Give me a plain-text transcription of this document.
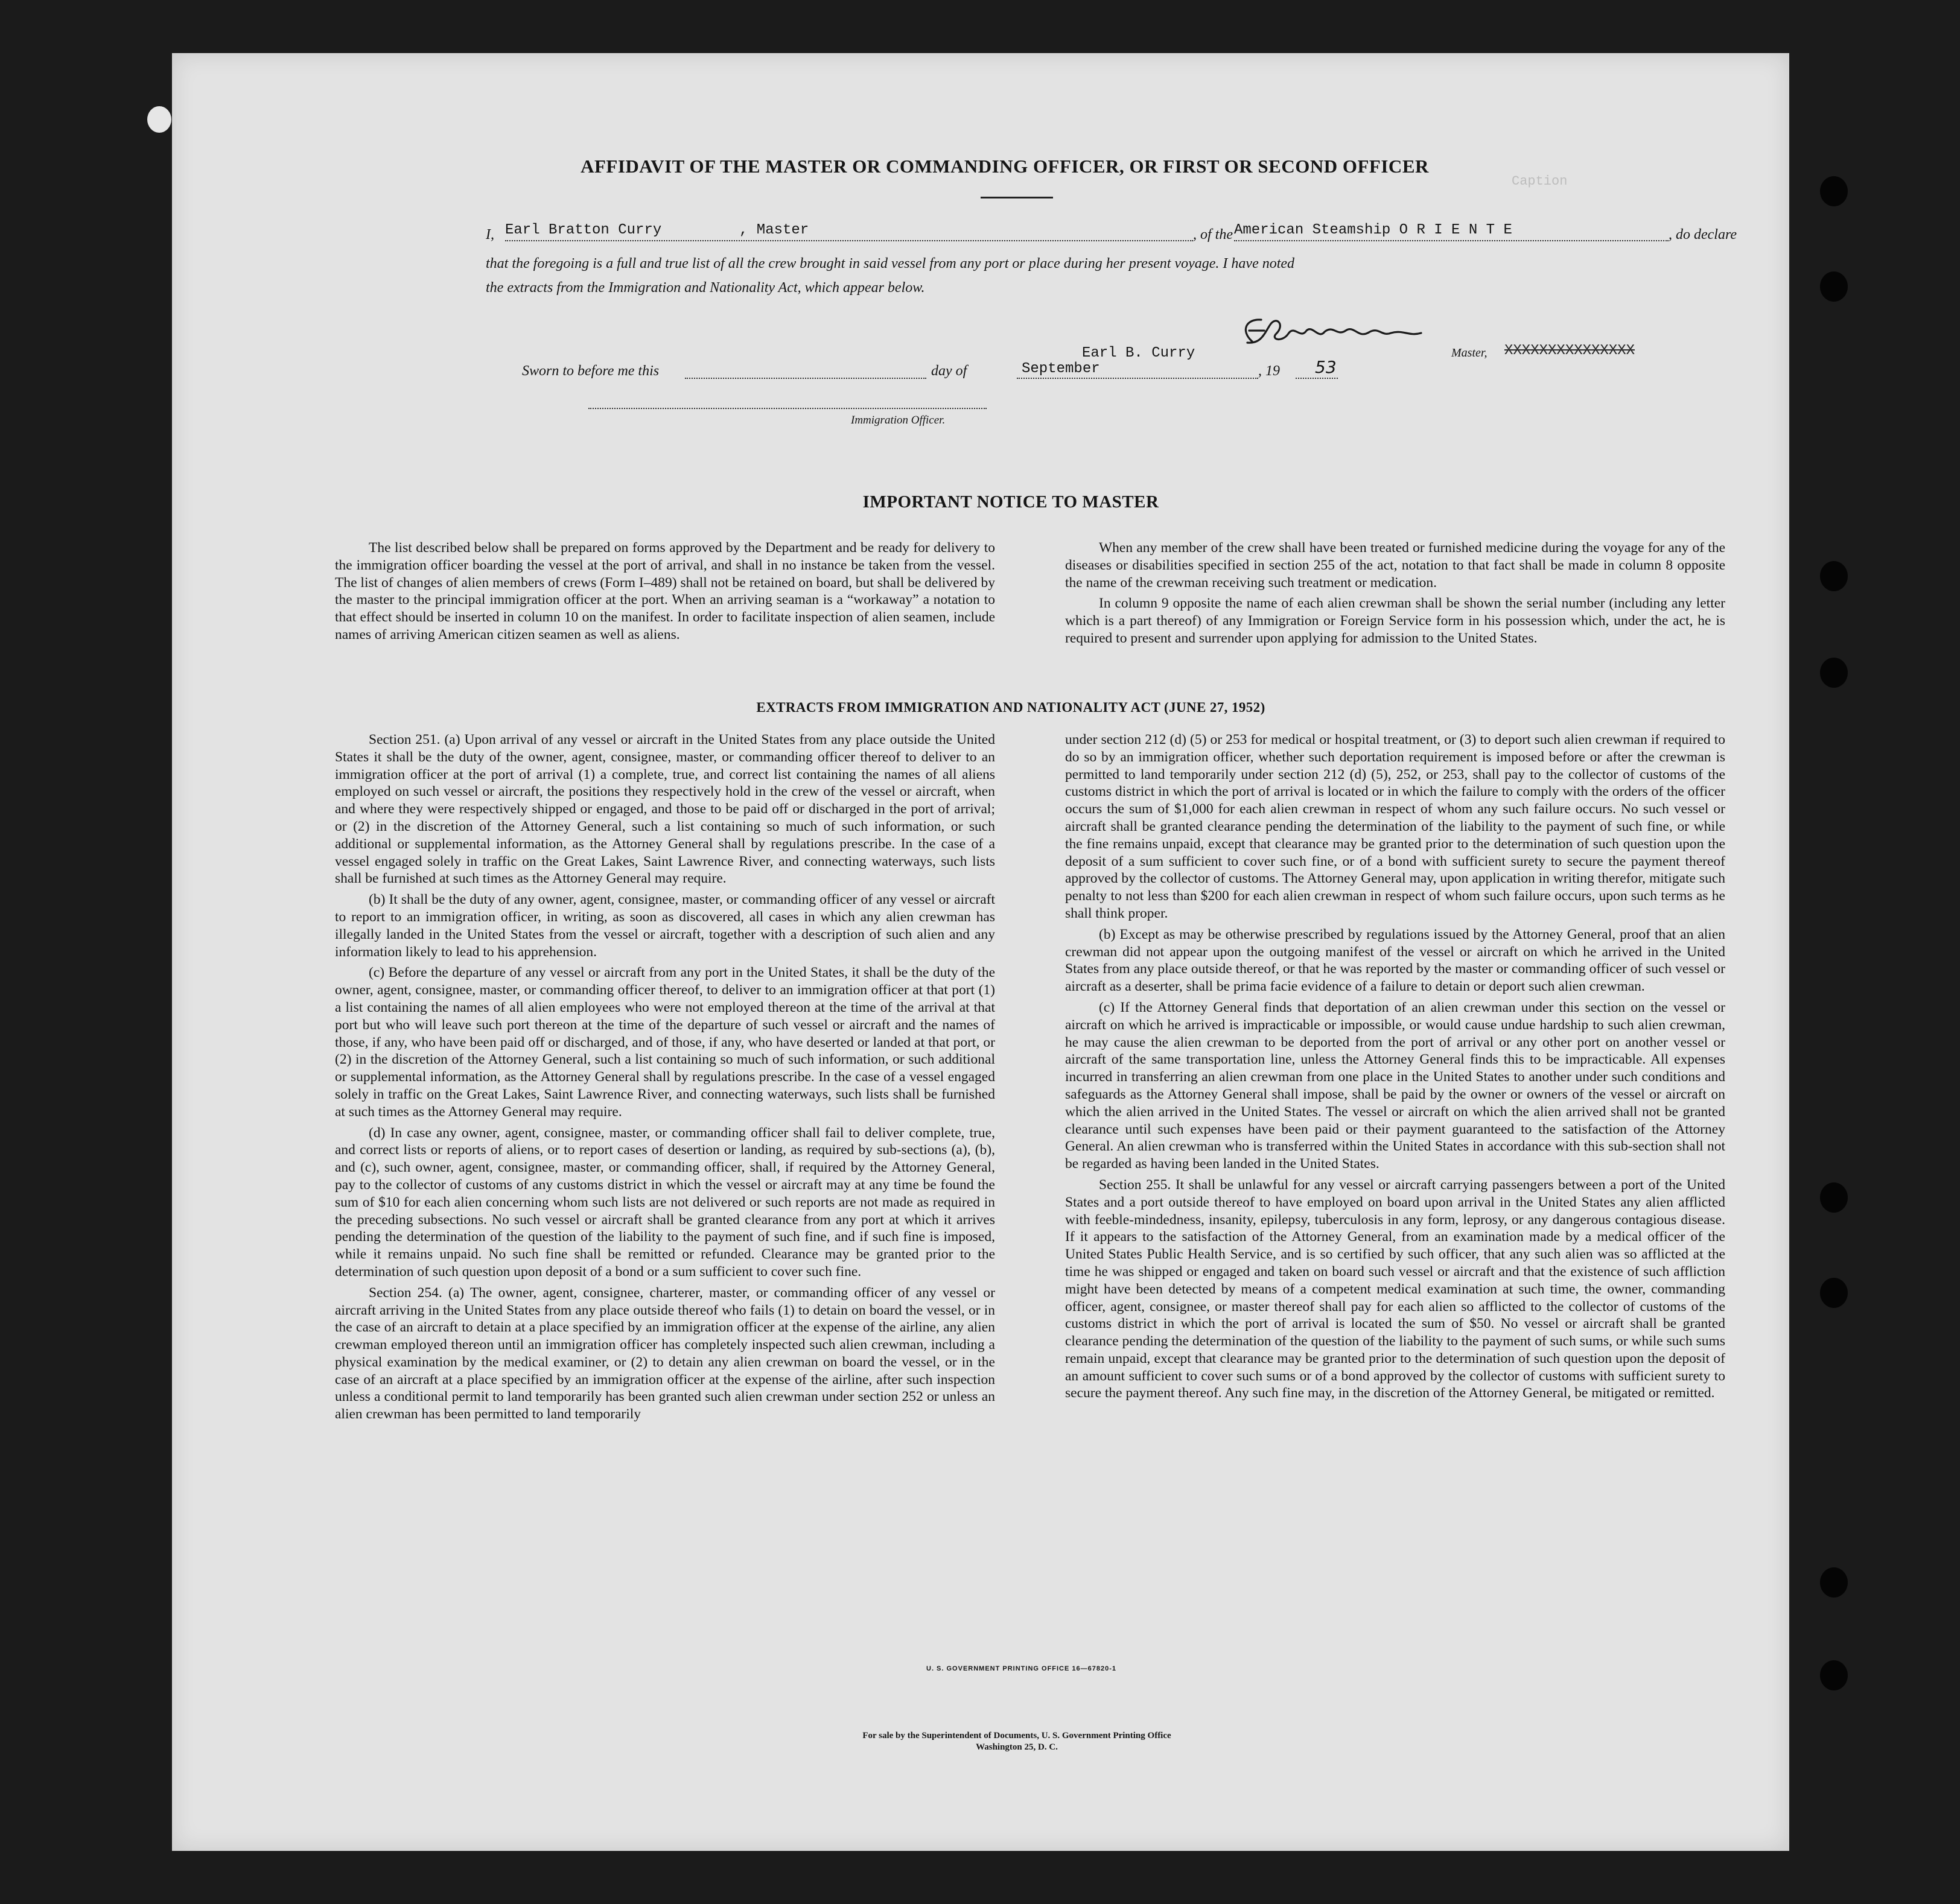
Caption
AFFIDAVIT OF THE MASTER OR COMMANDING OFFICER, OR FIRST OR SECOND OFFICER
I, Earl Bratton Curry	, Master	, of the American Steamship O R I E N T E	, do declare
that the foregoing is a full and true list of all the crew brought in said vessel from any port or place during her present voyage. I have noted
the extracts from the Immigration and Nationality Act, which appear below.
Earl B. Curry	Master, XXXXXXXXXXXXXXX
Sworn to before me this	day of	September	, 19 53
Immigration Officer.
IMPORTANT NOTICE TO MASTER

The list described below shall be prepared on forms approved by the Department and be ready for delivery to the immigration officer boarding the vessel at the port of arrival, and shall in no instance be taken from the vessel. The list of changes of alien members of crews (Form I–489) shall not be retained on board, but shall be delivered by the master to the principal immigration officer at the port. When an arriving seaman is a “workaway” a notation to that effect should be inserted in column 10 on the manifest. In order to facilitate inspection of alien seamen, include names of arriving American citizen seamen as well as aliens.

When any member of the crew shall have been treated or furnished medicine during the voyage for any of the diseases or disabilities specified in section 255 of the act, notation to that fact shall be made in column 8 opposite the name of the crewman receiving such treatment or medication.

In column 9 opposite the name of each alien crewman shall be shown the serial number (including any letter which is a part thereof) of any Immigration or Foreign Service form in his possession which, under the act, he is required to present and surrender upon applying for admission to the United States.

EXTRACTS FROM IMMIGRATION AND NATIONALITY ACT (JUNE 27, 1952)

Section 251. (a) Upon arrival of any vessel or aircraft in the United States from any place outside the United States it shall be the duty of the owner, agent, consignee, master, or commanding officer thereof to deliver to an immigration officer at the port of arrival (1) a complete, true, and correct list containing the names of all aliens employed on such vessel or aircraft, the positions they respectively hold in the crew of the vessel or aircraft, when and where they were respectively shipped or engaged, and those to be paid off or discharged in the port of arrival; or (2) in the discretion of the Attorney General, such a list containing so much of such information, or such additional or supplemental information, as the Attorney General shall by regulations prescribe. In the case of a vessel engaged solely in traffic on the Great Lakes, Saint Lawrence River, and connecting waterways, such lists shall be furnished at such times as the Attorney General may require.

(b) It shall be the duty of any owner, agent, consignee, master, or commanding officer of any vessel or aircraft to report to an immigration officer, in writing, as soon as discovered, all cases in which any alien crewman has illegally landed in the United States from the vessel or aircraft, together with a description of such alien and any information likely to lead to his apprehension.

(c) Before the departure of any vessel or aircraft from any port in the United States, it shall be the duty of the owner, agent, consignee, master, or commanding officer thereof, to deliver to an immigration officer at that port (1) a list containing the names of all alien employees who were not employed thereon at the time of the arrival at that port but who will leave such port thereon at the time of the departure of such vessel or aircraft and the names of those, if any, who have been paid off or discharged, and of those, if any, who have deserted or landed at that port, or (2) in the discretion of the Attorney General, such a list containing so much of such information, or such additional or supplemental information, as the Attorney General shall by regulations prescribe. In the case of a vessel engaged solely in traffic on the Great Lakes, Saint Lawrence River, and connecting waterways, such lists shall be furnished at such times as the Attorney General may require.

(d) In case any owner, agent, consignee, master, or commanding officer shall fail to deliver complete, true, and correct lists or reports of aliens, or to report cases of desertion or landing, as required by sub-sections (a), (b), and (c), such owner, agent, consignee, master, or commanding officer, shall, if required by the Attorney General, pay to the collector of customs of any customs district in which the vessel or aircraft may at any time be found the sum of $10 for each alien concerning whom such lists are not delivered or such reports are not made as required in the preceding subsections. No such vessel or aircraft shall be granted clearance from any port at which it arrives pending the determination of the question of the liability to the payment of such fine, and if such fine is imposed, while it remains unpaid. No such fine shall be remitted or refunded. Clearance may be granted prior to the determination of such question upon deposit of a bond or a sum sufficient to cover such fine.

Section 254. (a) The owner, agent, consignee, charterer, master, or commanding officer of any vessel or aircraft arriving in the United States from any place outside thereof who fails (1) to detain on board the vessel, or in the case of an aircraft to detain at a place specified by an immigration officer at the expense of the airline, any alien crewman employed thereon until an immigration officer has completely inspected such alien crewman, including a physical examination by the medical examiner, or (2) to detain any alien crewman on board the vessel, or in the case of an aircraft at a place specified by an immigration officer at the expense of the airline, after such inspection unless a conditional permit to land temporarily has been granted such alien crewman under section 252 or unless an alien crewman has been permitted to land temporarily

under section 212 (d) (5) or 253 for medical or hospital treatment, or (3) to deport such alien crewman if required to do so by an immigration officer, whether such deportation requirement is imposed before or after the crewman is permitted to land temporarily under section 212 (d) (5), 252, or 253, shall pay to the collector of customs of the customs district in which the port of arrival is located or in which the failure to comply with the orders of the officer occurs the sum of $1,000 for each alien crewman in respect of whom any such failure occurs. No such vessel or aircraft shall be granted clearance pending the determination of the liability to the payment of such fine, or while the fine remains unpaid, except that clearance may be granted prior to the determination of such question upon the deposit of a sum sufficient to cover such fine, or of a bond with sufficient surety to secure the payment thereof approved by the collector of customs. The Attorney General may, upon application in writing therefor, mitigate such penalty to not less than $200 for each alien crewman in respect of whom such failure occurs, upon such terms as he shall think proper.

(b) Except as may be otherwise prescribed by regulations issued by the Attorney General, proof that an alien crewman did not appear upon the outgoing manifest of the vessel or aircraft on which he arrived in the United States from any place outside thereof, or that he was reported by the master or commanding officer of such vessel or aircraft as a deserter, shall be prima facie evidence of a failure to detain or deport such alien crewman.

(c) If the Attorney General finds that deportation of an alien crewman under this section on the vessel or aircraft on which he arrived is impracticable or impossible, or would cause undue hardship to such alien crewman, he may cause the alien crewman to be deported from the port of arrival or any other port on another vessel or aircraft of the same transportation line, unless the Attorney General finds this to be impracticable. All expenses incurred in transferring an alien crewman from one place in the United States to another under such conditions and safeguards as the Attorney General shall impose, shall be paid by the owner or owners of the vessel or aircraft on which the alien arrived in the United States. The vessel or aircraft on which the alien arrived shall not be granted clearance until such expenses have been paid or their payment guaranteed to the satisfaction of the Attorney General. An alien crewman who is transferred within the United States in accordance with this sub-section shall not be regarded as having been landed in the United States.

Section 255. It shall be unlawful for any vessel or aircraft carrying passengers between a port of the United States and a port outside thereof to have employed on board upon arrival in the United States any alien afflicted with feeble-mindedness, insanity, epilepsy, tuberculosis in any form, leprosy, or any dangerous contagious disease. If it appears to the satisfaction of the Attorney General, from an examination made by a medical officer of the United States Public Health Service, and is so certified by such officer, that any such alien was so afflicted at the time he was shipped or engaged and taken on board such vessel or aircraft and that the existence of such affliction might have been detected by means of a competent medical examination at such time, the owner, commanding officer, agent, consignee, or master thereof shall pay for each alien so afflicted to the collector of customs of the customs district in which the port of arrival is located the sum of $50. No vessel or aircraft shall be granted clearance pending the determination of the question of the liability to the payment of such sums, or while such sums remain unpaid, except that clearance may be granted prior to the determination of such question upon the deposit of an amount sufficient to cover such sums or of a bond approved by the collector of customs with sufficient surety to secure the payment thereof. Any such fine may, in the discretion of the Attorney General, be mitigated or remitted.

U. S. GOVERNMENT PRINTING OFFICE 16—67820-1
For sale by the Superintendent of Documents, U. S. Government Printing Office
Washington 25, D. C.
